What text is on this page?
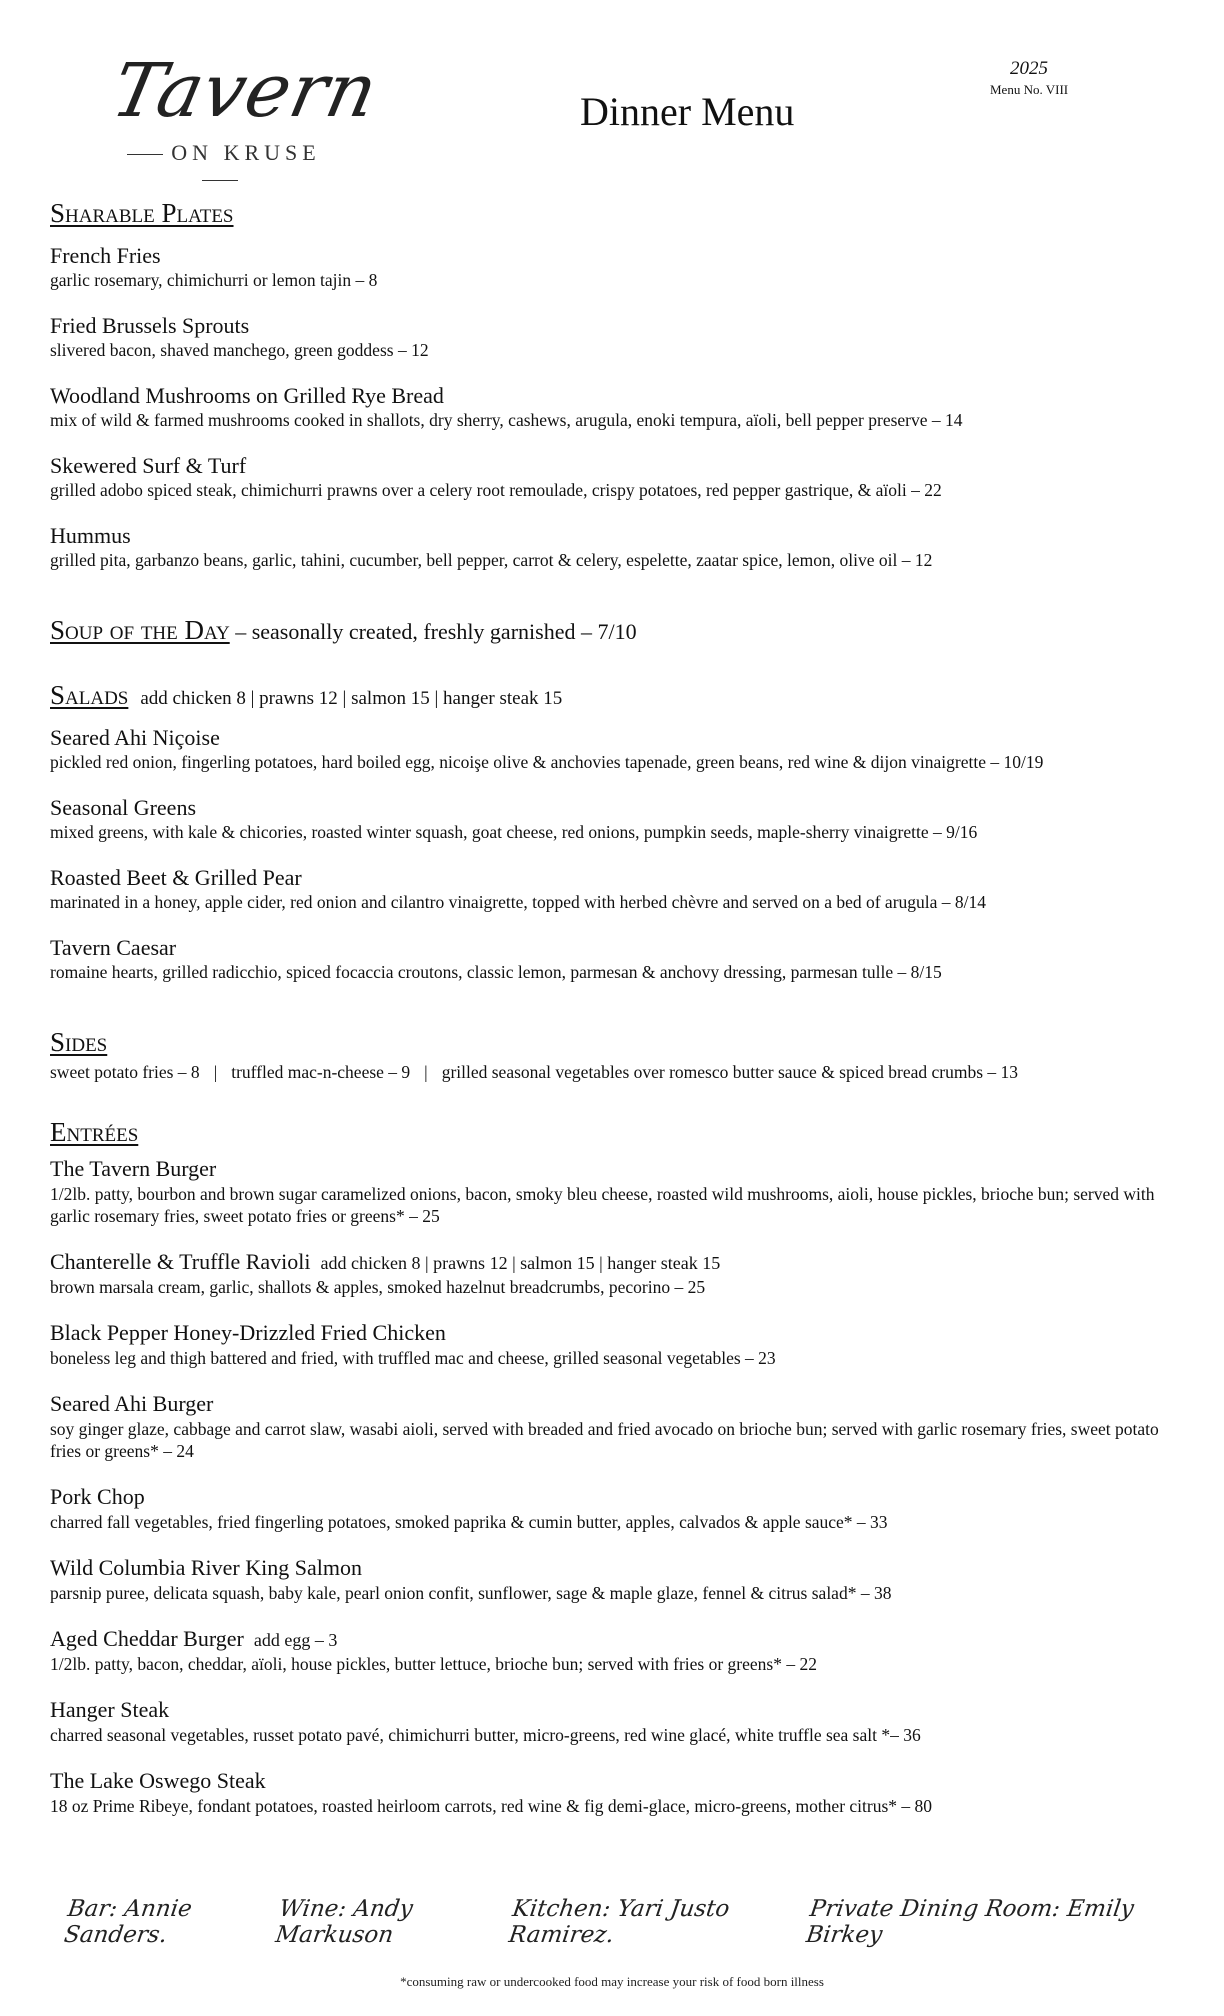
Tavern
ON KRUSE
Dinner Menu
2025
Menu No. VIII
Sharable Plates
French Fries
garlic rosemary, chimichurri or lemon tajin – 8
Fried Brussels Sprouts
slivered bacon, shaved manchego, green goddess – 12
Woodland Mushrooms on Grilled Rye Bread
mix of wild & farmed mushrooms cooked in shallots, dry sherry, cashews, arugula, enoki tempura, aïoli, bell pepper preserve – 14
Skewered Surf & Turf
grilled adobo spiced steak, chimichurri prawns over a celery root remoulade, crispy potatoes, red pepper gastrique, & aïoli – 22
Hummus
grilled pita, garbanzo beans, garlic, tahini, cucumber, bell pepper, carrot & celery, espelette, zaatar spice, lemon, olive oil – 12
Soup of the Day – seasonally created, freshly garnished – 7/10
Salads add chicken 8 | prawns 12 | salmon 15 | hanger steak 15
Seared Ahi Niçoise
pickled red onion, fingerling potatoes, hard boiled egg, nicoişe olive & anchovies tapenade, green beans, red wine & dijon vinaigrette – 10/19
Seasonal Greens
mixed greens, with kale & chicories, roasted winter squash, goat cheese, red onions, pumpkin seeds, maple-sherry vinaigrette – 9/16
Roasted Beet & Grilled Pear
marinated in a honey, apple cider, red onion and cilantro vinaigrette, topped with herbed chèvre and served on a bed of arugula – 8/14
Tavern Caesar
romaine hearts, grilled radicchio, spiced focaccia croutons, classic lemon, parmesan & anchovy dressing, parmesan tulle – 8/15
Sides
sweet potato fries – 8 | truffled mac-n-cheese – 9 | grilled seasonal vegetables over romesco butter sauce & spiced bread crumbs – 13
Entrées
The Tavern Burger
1/2lb. patty, bourbon and brown sugar caramelized onions, bacon, smoky bleu cheese, roasted wild mushrooms, aioli, house pickles, brioche bun; served with garlic rosemary fries, sweet potato fries or greens* – 25
Chanterelle & Truffle Ravioli add chicken 8 | prawns 12 | salmon 15 | hanger steak 15
brown marsala cream, garlic, shallots & apples, smoked hazelnut breadcrumbs, pecorino – 25
Black Pepper Honey-Drizzled Fried Chicken
boneless leg and thigh battered and fried, with truffled mac and cheese, grilled seasonal vegetables – 23
Seared Ahi Burger
soy ginger glaze, cabbage and carrot slaw, wasabi aioli, served with breaded and fried avocado on brioche bun; served with garlic rosemary fries, sweet potato fries or greens* – 24
Pork Chop
charred fall vegetables, fried fingerling potatoes, smoked paprika & cumin butter, apples, calvados & apple sauce* – 33
Wild Columbia River King Salmon
parsnip puree, delicata squash, baby kale, pearl onion confit, sunflower, sage & maple glaze, fennel & citrus salad* – 38
Aged Cheddar Burger add egg – 3
1/2lb. patty, bacon, cheddar, aïoli, house pickles, butter lettuce, brioche bun; served with fries or greens* – 22
Hanger Steak
charred seasonal vegetables, russet potato pavé, chimichurri butter, micro-greens, red wine glacé, white truffle sea salt *– 36
The Lake Oswego Steak
18 oz Prime Ribeye, fondant potatoes, roasted heirloom carrots, red wine & fig demi-glace, micro-greens, mother citrus* – 80
Bar: Annie Sanders.
Wine: Andy Markuson
Kitchen: Yari Justo Ramirez.
Private Dining Room: Emily Birkey
*consuming raw or undercooked food may increase your risk of food born illness
